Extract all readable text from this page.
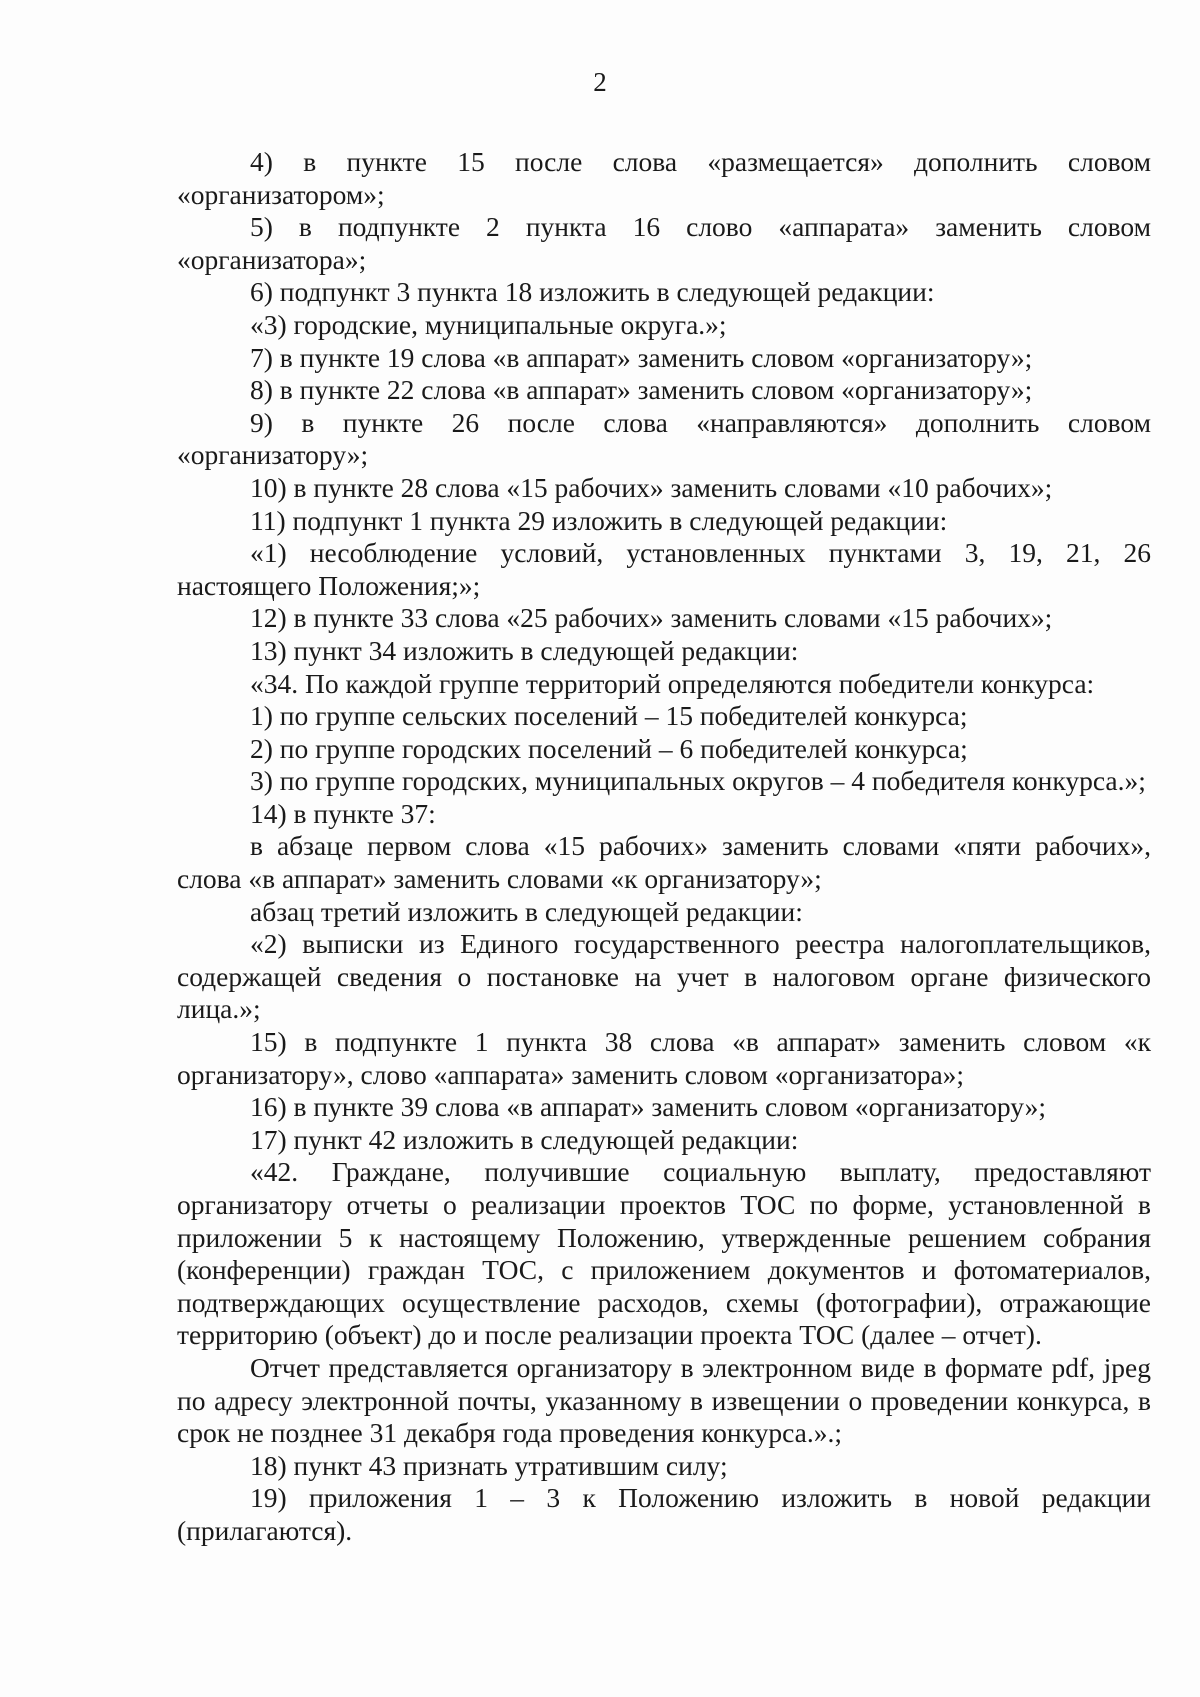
2

4) в пункте 15 после слова «размещается» дополнить словом «организатором»;

5) в подпункте 2 пункта 16 слово «аппарата» заменить словом «организатора»;

6) подпункт 3 пункта 18 изложить в следующей редакции:

«3) городские, муниципальные округа.»;

7) в пункте 19 слова «в аппарат» заменить словом «организатору»;

8) в пункте 22 слова «в аппарат» заменить словом «организатору»;

9) в пункте 26 после слова «направляются» дополнить словом «организатору»;

10) в пункте 28 слова «15 рабочих» заменить словами «10 рабочих»;

11) подпункт 1 пункта 29 изложить в следующей редакции:

«1) несоблюдение условий, установленных пунктами 3, 19, 21, 26 настоящего Положения;»;

12) в пункте 33 слова «25 рабочих» заменить словами «15 рабочих»;

13) пункт 34 изложить в следующей редакции:

«34. По каждой группе территорий определяются победители конкурса:

1) по группе сельских поселений – 15 победителей конкурса;

2) по группе городских поселений – 6 победителей конкурса;

3) по группе городских, муниципальных округов – 4 победителя конкурса.»;

14) в пункте 37:

в абзаце первом слова «15 рабочих» заменить словами «пяти рабочих», слова «в аппарат» заменить словами «к организатору»;

абзац третий изложить в следующей редакции:

«2) выписки из Единого государственного реестра налогоплательщиков, содержащей сведения о постановке на учет в налоговом органе физического лица.»;

15) в подпункте 1 пункта 38 слова «в аппарат» заменить словом «к организатору», слово «аппарата» заменить словом «организатора»;

16) в пункте 39 слова «в аппарат» заменить словом «организатору»;

17) пункт 42 изложить в следующей редакции:

«42. Граждане, получившие социальную выплату, предоставляют организатору отчеты о реализации проектов ТОС по форме, установленной в приложении 5 к настоящему Положению, утвержденные решением собрания (конференции) граждан ТОС, с приложением документов и фотоматериалов, подтверждающих осуществление расходов, схемы (фотографии), отражающие территорию (объект) до и после реализации проекта ТОС (далее – отчет).

Отчет представляется организатору в электронном виде в формате pdf, jpeg по адресу электронной почты, указанному в извещении о проведении конкурса, в срок не позднее 31 декабря года проведения конкурса.».;

18) пункт 43 признать утратившим силу;

19) приложения 1 – 3 к Положению изложить в новой редакции (прилагаются).
